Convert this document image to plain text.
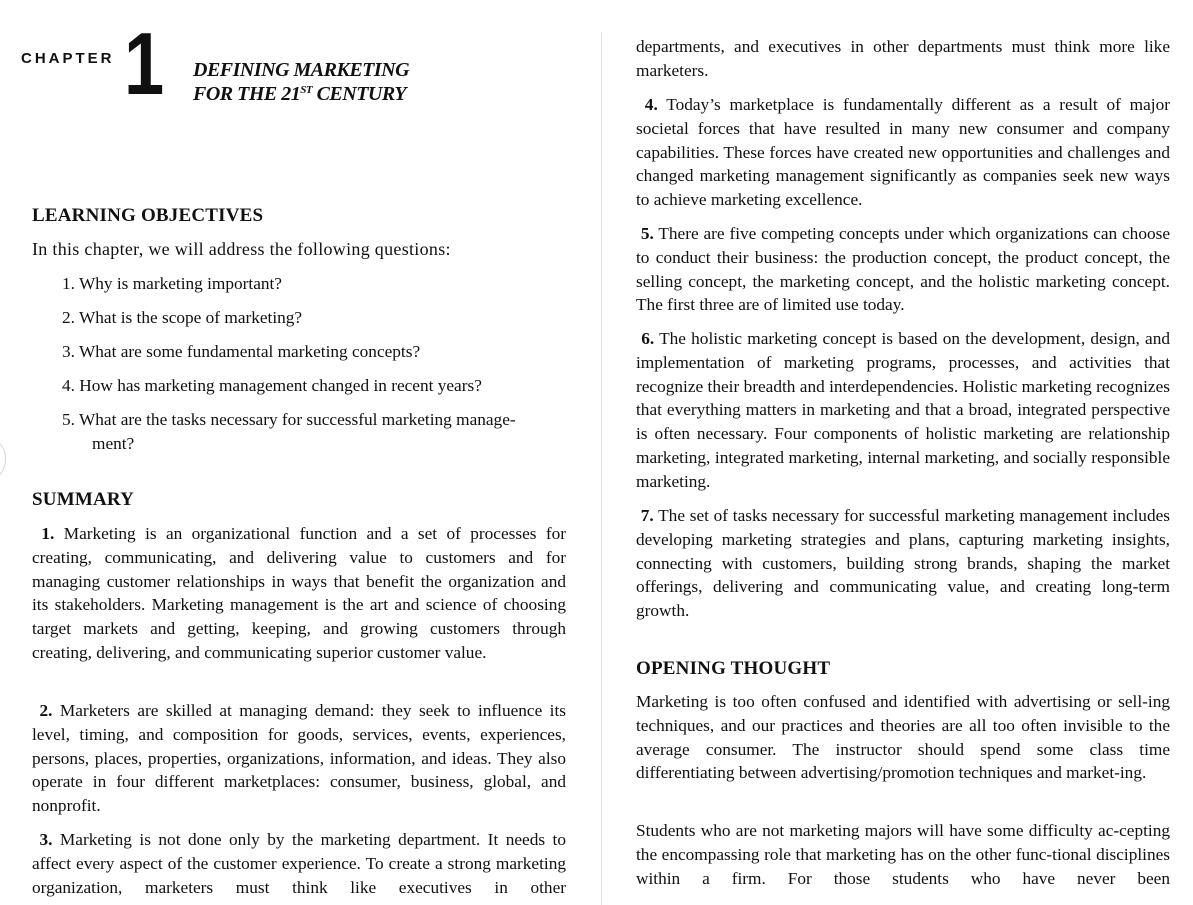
CHAPTER 1 DEFINING MARKETING
FOR THE 21ST CENTURY
LEARNING OBJECTIVES

In this chapter, we will address the following questions:

1. Why is marketing important?

2. What is the scope of marketing?

3. What are some fundamental marketing concepts?

4. How has marketing management changed in recent years?

5. What are the tasks necessary for successful marketing manage-

ment?

SUMMARY

1. Marketing is an organizational function and a set of processes for creating, communicating, and delivering value to customers and for managing customer relationships in ways that benefit the organization and its stakeholders. Marketing management is the art and science of choosing target markets and getting, keeping, and growing customers through creating, delivering, and communicating superior customer value.

2. Marketers are skilled at managing demand: they seek to influence its level, timing, and composition for goods, services, events, experiences, persons, places, properties, organizations, information, and ideas. They also operate in four different marketplaces: consumer, business, global, and nonprofit.

3. Marketing is not done only by the marketing department. It needs to affect every aspect of the customer experience. To create a strong marketing organization, marketers must think like executives in other

departments, and executives in other departments must think more like marketers.

4. Today’s marketplace is fundamentally different as a result of major societal forces that have resulted in many new consumer and company capabilities. These forces have created new opportunities and challenges and changed marketing management significantly as companies seek new ways to achieve marketing excellence.

5. There are five competing concepts under which organizations can choose to conduct their business: the production concept, the product concept, the selling concept, the marketing concept, and the holistic marketing concept. The first three are of limited use today.

6. The holistic marketing concept is based on the development, design, and implementation of marketing programs, processes, and activities that recognize their breadth and interdependencies. Holistic marketing recognizes that everything matters in marketing and that a broad, integrated perspective is often necessary. Four components of holistic marketing are relationship marketing, integrated marketing, internal marketing, and socially responsible marketing.

7. The set of tasks necessary for successful marketing management includes developing marketing strategies and plans, capturing marketing insights, connecting with customers, building strong brands, shaping the market offerings, delivering and communicating value, and creating long-term growth.

OPENING THOUGHT

Marketing is too often confused and identified with advertising or sell-ing techniques, and our practices and theories are all too often invisible to the average consumer. The instructor should spend some class time differentiating between advertising/promotion techniques and market-ing.

Students who are not marketing majors will have some difficulty ac-cepting the encompassing role that marketing has on the other func-tional disciplines within a firm. For those students who have never been
